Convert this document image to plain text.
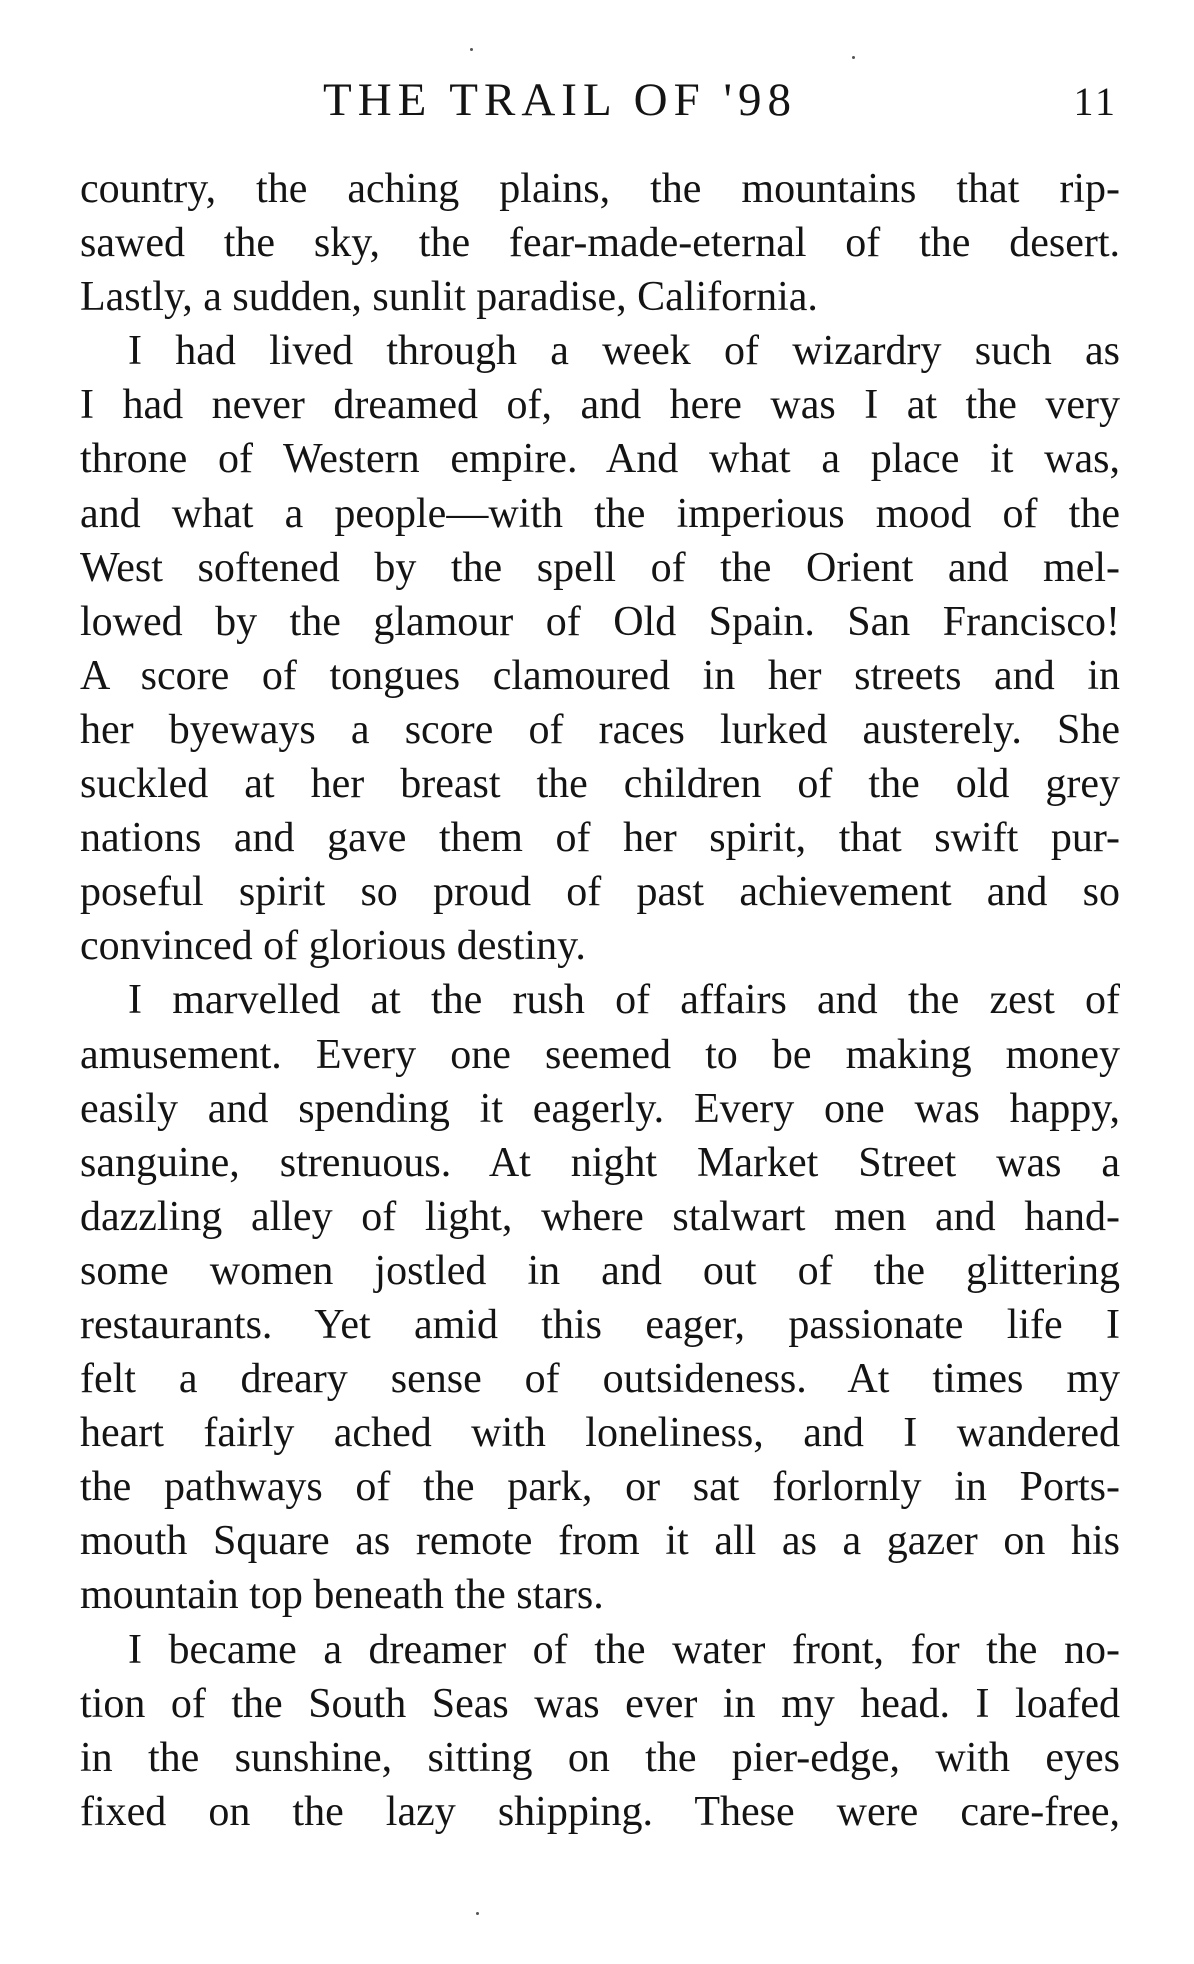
THE TRAIL OF '98	11

country, the aching plains, the mountains that rip-
sawed the sky, the fear-made-eternal of the desert.
Lastly, a sudden, sunlit paradise, California.

I had lived through a week of wizardry such as
I had never dreamed of, and here was I at the very
throne of Western empire. And what a place it was,
and what a people—with the imperious mood of the
West softened by the spell of the Orient and mel-
lowed by the glamour of Old Spain. San Francisco!
A score of tongues clamoured in her streets and in
her byeways a score of races lurked austerely. She
suckled at her breast the children of the old grey
nations and gave them of her spirit, that swift pur-
poseful spirit so proud of past achievement and so
convinced of glorious destiny.

I marvelled at the rush of affairs and the zest of
amusement. Every one seemed to be making money
easily and spending it eagerly. Every one was happy,
sanguine, strenuous. At night Market Street was a
dazzling alley of light, where stalwart men and hand-
some women jostled in and out of the glittering
restaurants. Yet amid this eager, passionate life I
felt a dreary sense of outsideness. At times my
heart fairly ached with loneliness, and I wandered
the pathways of the park, or sat forlornly in Ports-
mouth Square as remote from it all as a gazer on his
mountain top beneath the stars.

I became a dreamer of the water front, for the no-
tion of the South Seas was ever in my head. I loafed
in the sunshine, sitting on the pier-edge, with eyes
fixed on the lazy shipping. These were care-free,
